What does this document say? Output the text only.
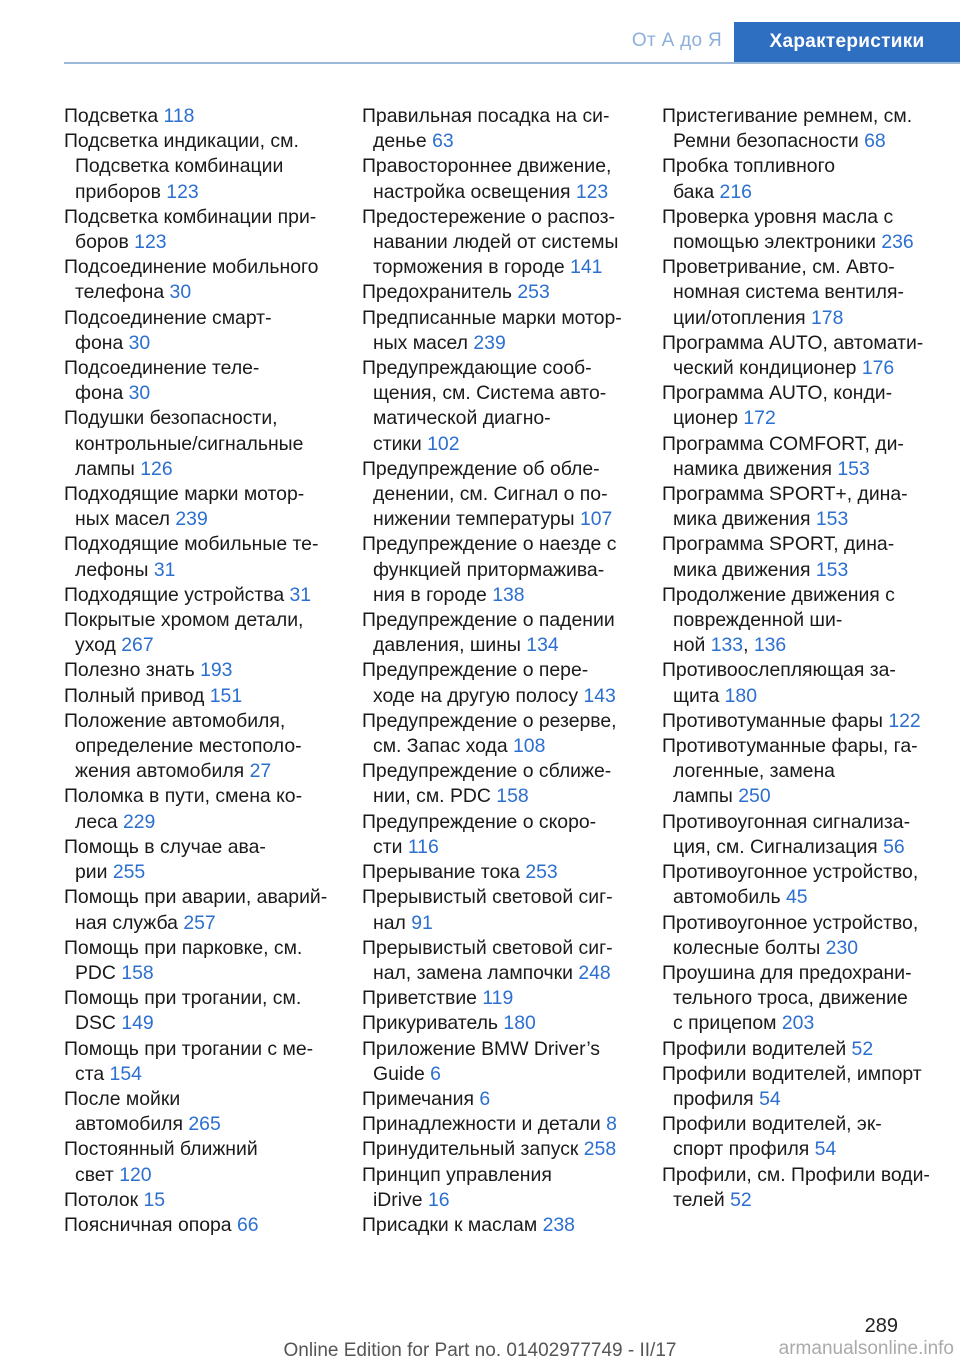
От А до Я	Характеристики
Подсветка 118
Подсветка индикации, см.
Подсветка комбинации
приборов 123
Подсветка комбинации при-
боров 123
Подсоединение мобильного
телефона 30
Подсоединение смарт-
фона 30
Подсоединение теле-
фона 30
Подушки безопасности,
контрольные/сигнальные
лампы 126
Подходящие марки мотор-
ных масел 239
Подходящие мобильные те-
лефоны 31
Подходящие устройства 31
Покрытые хромом детали,
уход 267
Полезно знать 193
Полный привод 151
Положение автомобиля,
определение местополо-
жения автомобиля 27
Поломка в пути, смена ко-
леса 229
Помощь в случае ава-
рии 255
Помощь при аварии, аварий-
ная служба 257
Помощь при парковке, см.
PDC 158
Помощь при трогании, см.
DSC 149
Помощь при трогании с ме-
ста 154
После мойки
автомобиля 265
Постоянный ближний
свет 120
Потолок 15
Поясничная опора 66
Правильная посадка на си-
денье 63
Правостороннее движение,
настройка освещения 123
Предостережение о распоз-
навании людей от системы
торможения в городе 141
Предохранитель 253
Предписанные марки мотор-
ных масел 239
Предупреждающие сооб-
щения, см. Система авто-
матической диагно-
стики 102
Предупреждение об обле-
денении, см. Сигнал о по-
нижении температуры 107
Предупреждение о наезде с
функцией притормажива-
ния в городе 138
Предупреждение о падении
давления, шины 134
Предупреждение о пере-
ходе на другую полосу 143
Предупреждение о резерве,
см. Запас хода 108
Предупреждение о сближе-
нии, см. PDC 158
Предупреждение о скоро-
сти 116
Прерывание тока 253
Прерывистый световой сиг-
нал 91
Прерывистый световой сиг-
нал, замена лампочки 248
Приветствие 119
Прикуриватель 180
Приложение BMW Driver’s
Guide 6
Примечания 6
Принадлежности и детали 8
Принудительный запуск 258
Принцип управления
iDrive 16
Присадки к маслам 238
Пристегивание ремнем, см.
Ремни безопасности 68
Пробка топливного
бака 216
Проверка уровня масла с
помощью электроники 236
Проветривание, см. Авто-
номная система вентиля-
ции/отопления 178
Программа AUTO, автомати-
ческий кондиционер 176
Программа AUTO, конди-
ционер 172
Программа COMFORT, ди-
намика движения 153
Программа SPORT+, дина-
мика движения 153
Программа SPORT, дина-
мика движения 153
Продолжение движения с
поврежденной ши-
ной 133, 136
Противоослепляющая за-
щита 180
Противотуманные фары 122
Противотуманные фары, га-
логенные, замена
лампы 250
Противоугонная сигнализа-
ция, см. Сигнализация 56
Противоугонное устройство,
автомобиль 45
Противоугонное устройство,
колесные болты 230
Проушина для предохрани-
тельного троса, движение
с прицепом 203
Профили водителей 52
Профили водителей, импорт
профиля 54
Профили водителей, эк-
спорт профиля 54
Профили, см. Профили води-
телей 52
289
Online Edition for Part no. 01402977749 - II/17	armanualsonline.info
